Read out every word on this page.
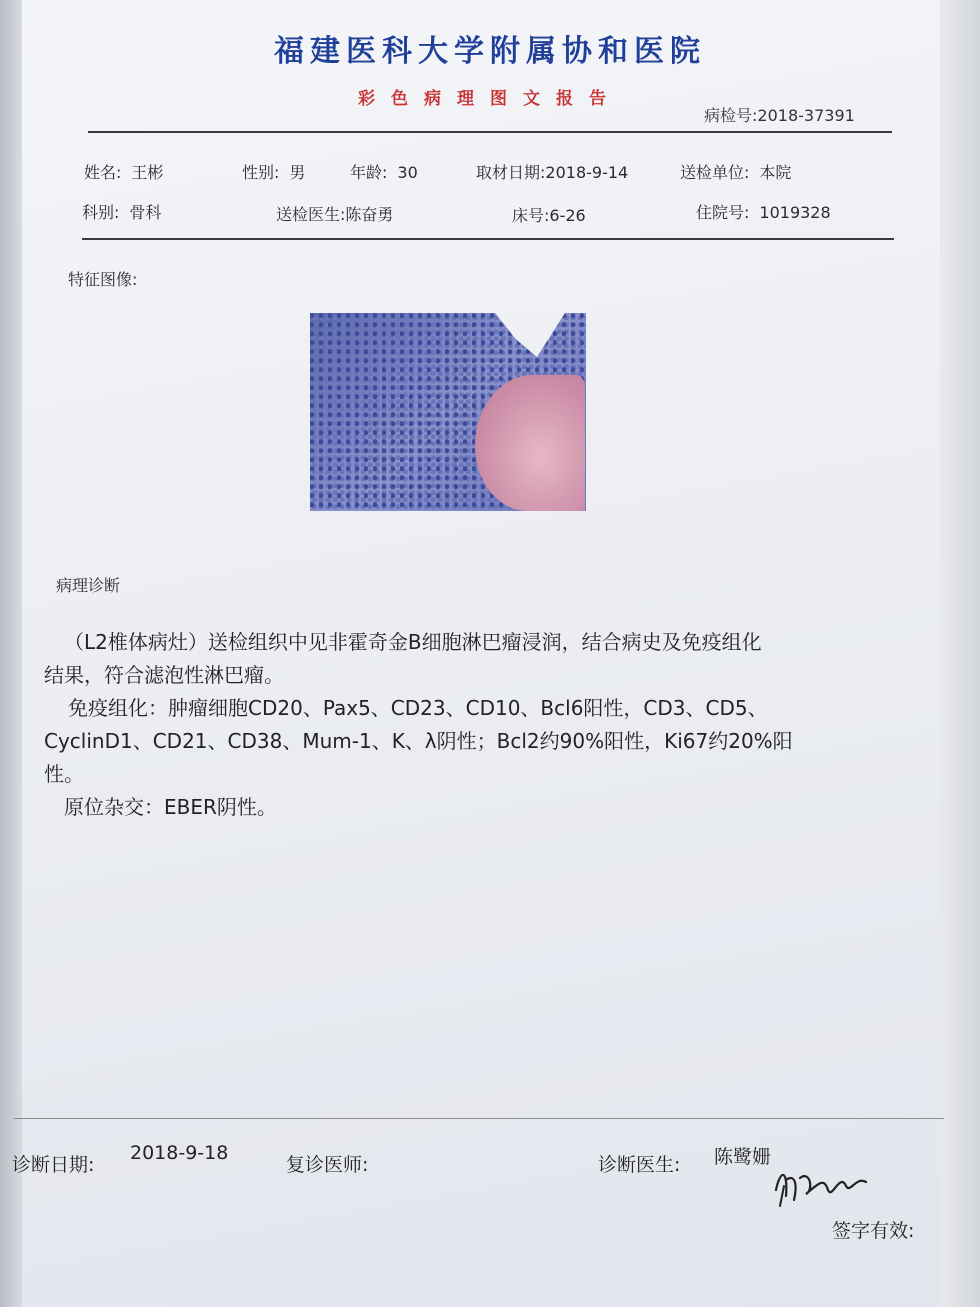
福建医科大学附属协和医院
彩色病理图文报告
病检号:2018-37391
姓名: 王彬	性别: 男	年龄: 30	取材日期:2018-9-14	送检单位: 本院
科别: 骨科	送检医生:陈奋勇	床号:6-26	住院号: 1019328
特征图像:
病理诊断
（L2椎体病灶）送检组织中见非霍奇金B细胞淋巴瘤浸润，结合病史及免疫组化
结果，符合滤泡性淋巴瘤。
免疫组化：肿瘤细胞CD20、Pax5、CD23、CD10、Bcl6阳性，CD3、CD5、
CyclinD1、CD21、CD38、Mum-1、K、λ阴性；Bcl2约90%阳性，Ki67约20%阳
性。
原位杂交：EBER阴性。
诊断日期:
2018-9-18
复诊医师:	诊断医生: 陈鹭姗
签字有效:
